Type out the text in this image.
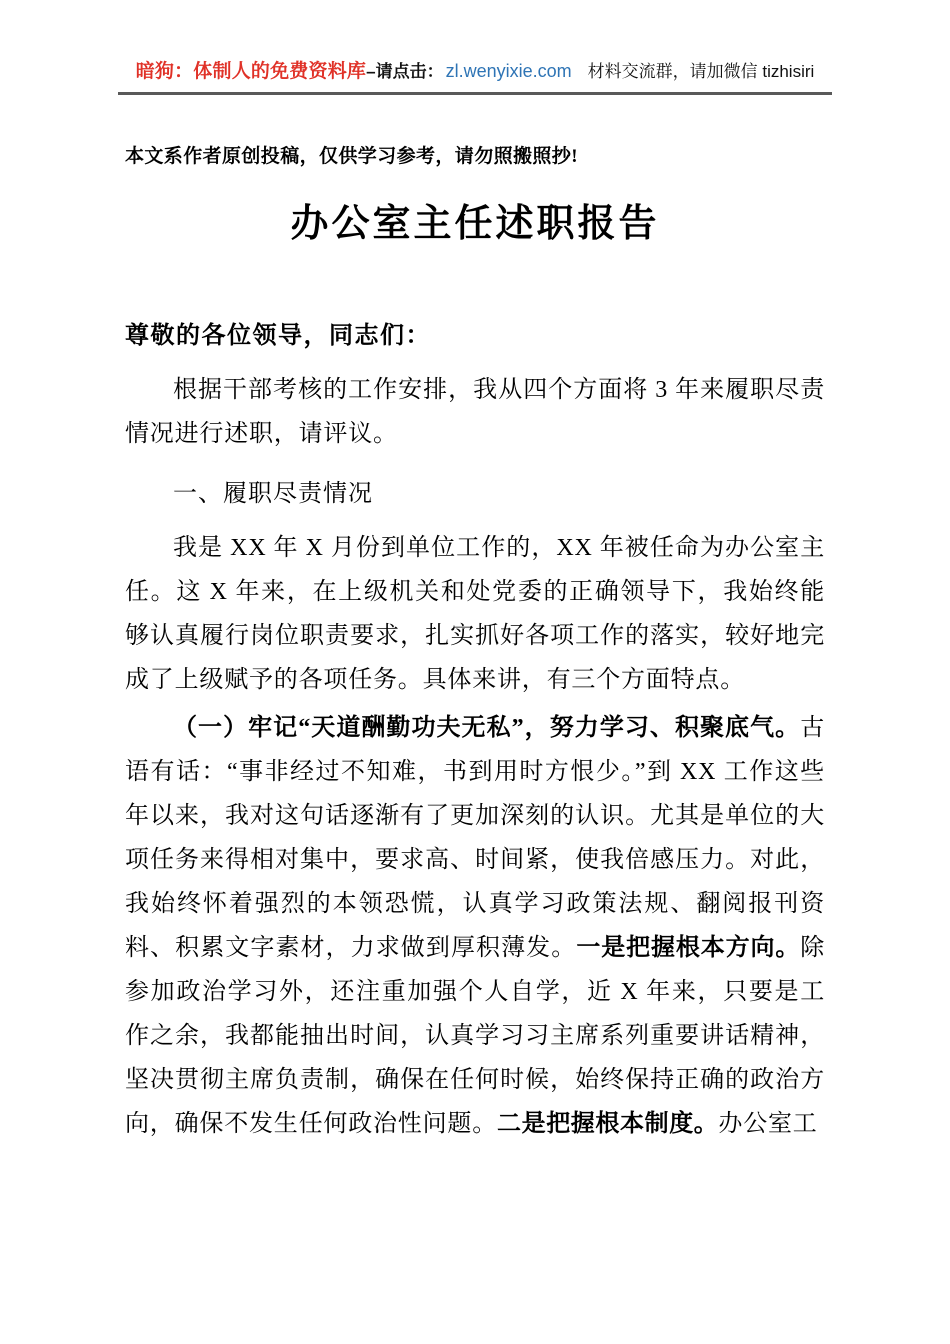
暗狗：体制人的免费资料库–请点击： zl.wenyixie.com 材料交流群，请加微信 tizhisiri

本文系作者原创投稿，仅供学习参考，请勿照搬照抄!

办公室主任述职报告

尊敬的各位领导，同志们：

根据干部考核的工作安排，我从四个方面将 3 年来履职尽责情况进行述职，请评议。

一、履职尽责情况

我是 XX 年 X 月份到单位工作的，XX 年被任命为办公室主任。这 X 年来，在上级机关和处党委的正确领导下，我始终能够认真履行岗位职责要求，扎实抓好各项工作的落实，较好地完成了上级赋予的各项任务。具体来讲，有三个方面特点。

（一）牢记“天道酬勤功夫无私”，努力学习、积聚底气。古语有话：“事非经过不知难，书到用时方恨少。”到 XX 工作这些年以来，我对这句话逐渐有了更加深刻的认识。尤其是单位的大项任务来得相对集中，要求高、时间紧，使我倍感压力。对此，我始终怀着强烈的本领恐慌，认真学习政策法规、翻阅报刊资料、积累文字素材，力求做到厚积薄发。一是把握根本方向。除参加政治学习外，还注重加强个人自学，近 X 年来，只要是工作之余，我都能抽出时间，认真学习习主席系列重要讲话精神，坚决贯彻主席负责制，确保在任何时候，始终保持正确的政治方向，确保不发生任何政治性问题。二是把握根本制度。办公室工
